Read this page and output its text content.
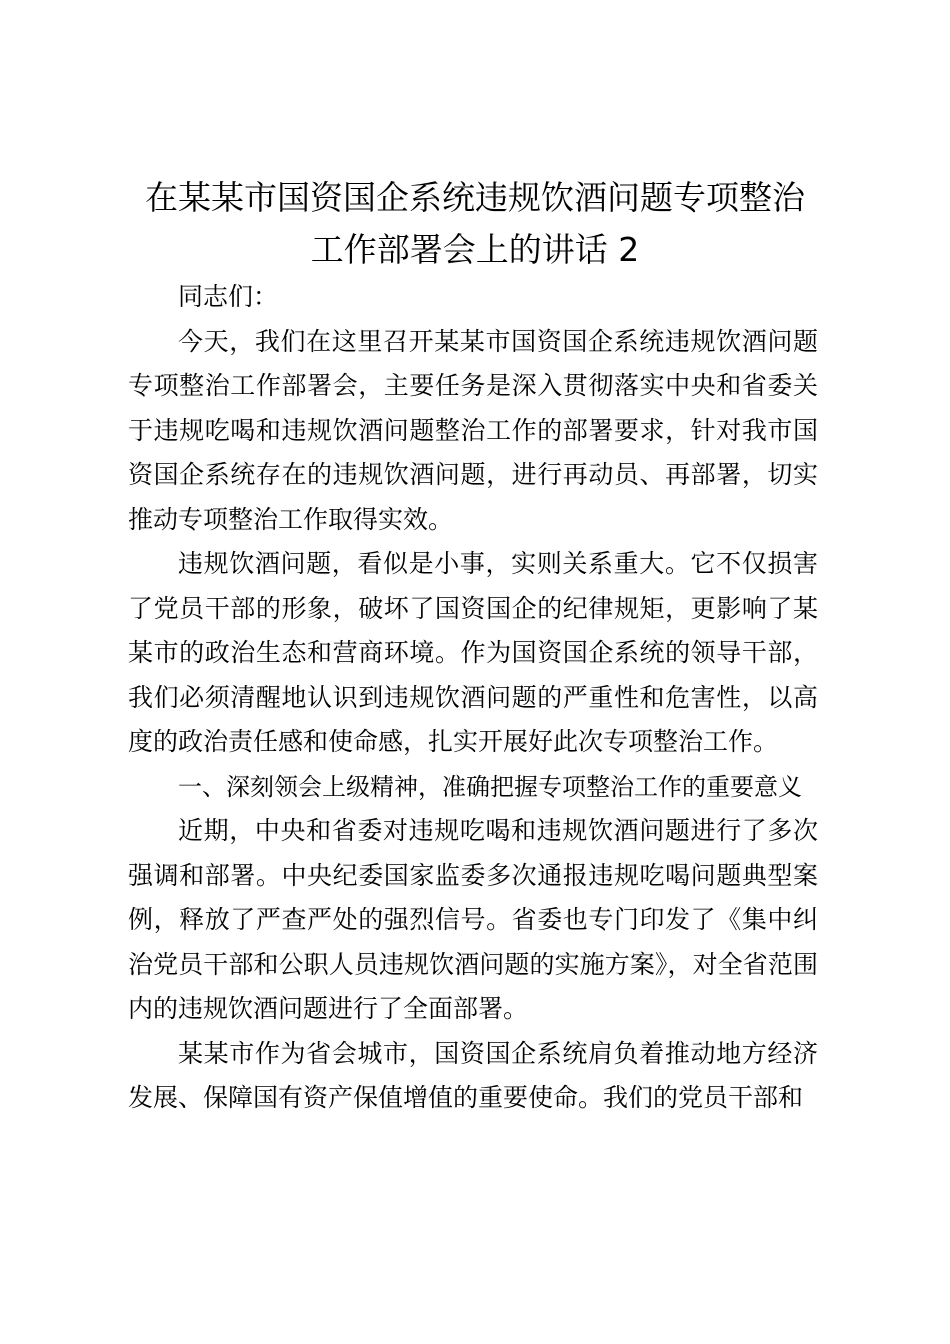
在某某市国资国企系统违规饮酒问题专项整治
工作部署会上的讲话 2

同志们：

今天，我们在这里召开某某市国资国企系统违规饮酒问题专项整治工作部署会，主要任务是深入贯彻落实中央和省委关于违规吃喝和违规饮酒问题整治工作的部署要求，针对我市国资国企系统存在的违规饮酒问题，进行再动员、再部署，切实推动专项整治工作取得实效。

违规饮酒问题，看似是小事，实则关系重大。它不仅损害了党员干部的形象，破坏了国资国企的纪律规矩，更影响了某某市的政治生态和营商环境。作为国资国企系统的领导干部，我们必须清醒地认识到违规饮酒问题的严重性和危害性，以高度的政治责任感和使命感，扎实开展好此次专项整治工作。

一、深刻领会上级精神，准确把握专项整治工作的重要意义

近期，中央和省委对违规吃喝和违规饮酒问题进行了多次强调和部署。中央纪委国家监委多次通报违规吃喝问题典型案例，释放了严查严处的强烈信号。省委也专门印发了《集中纠治党员干部和公职人员违规饮酒问题的实施方案》，对全省范围内的违规饮酒问题进行了全面部署。

某某市作为省会城市，国资国企系统肩负着推动地方经济发展、保障国有资产保值增值的重要使命。我们的党员干部和
